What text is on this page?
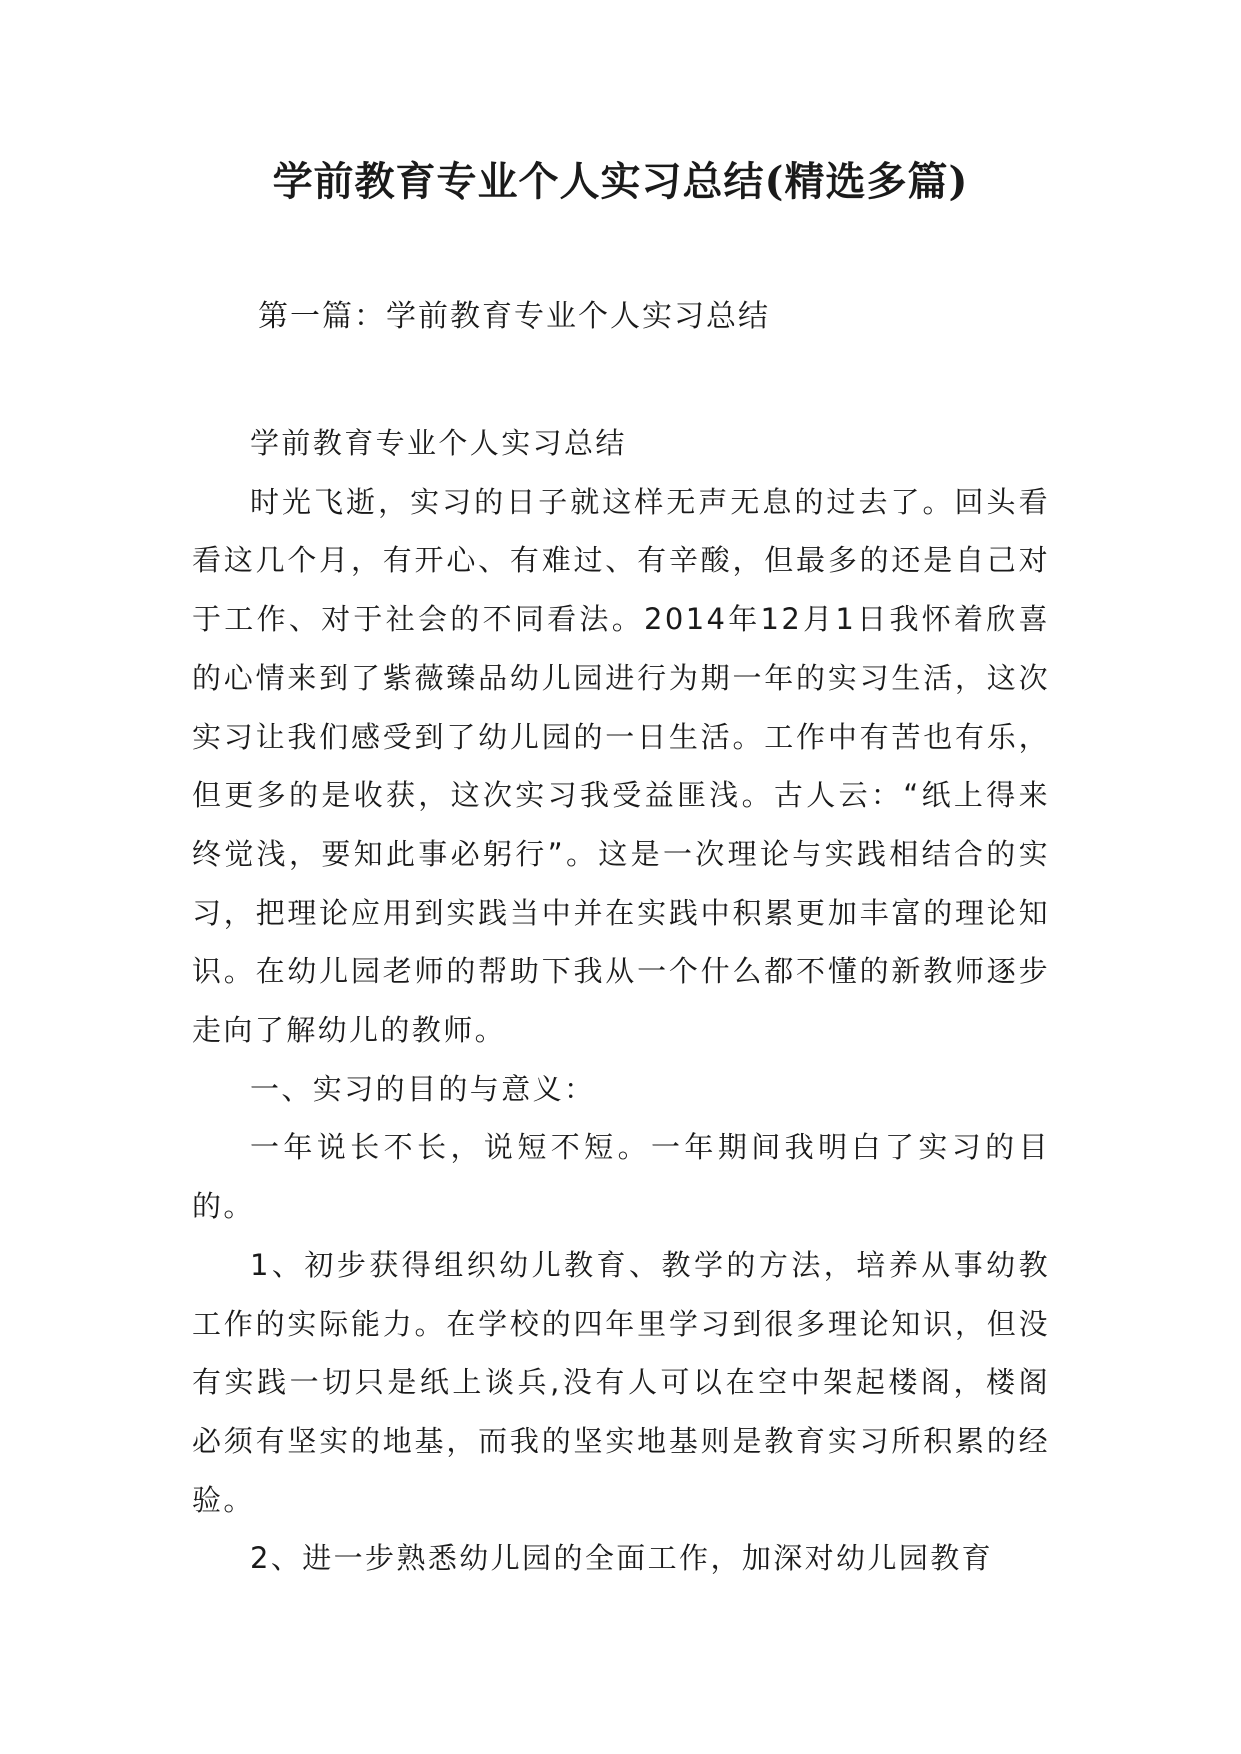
学前教育专业个人实习总结(精选多篇)

第一篇：学前教育专业个人实习总结

学前教育专业个人实习总结

时光飞逝，实习的日子就这样无声无息的过去了。回头看看这几个月，有开心、有难过、有辛酸，但最多的还是自己对于工作、对于社会的不同看法。2014年12月1日我怀着欣喜的心情来到了紫薇臻品幼儿园进行为期一年的实习生活，这次实习让我们感受到了幼儿园的一日生活。工作中有苦也有乐，但更多的是收获，这次实习我受益匪浅。古人云：“纸上得来终觉浅，要知此事必躬行”。这是一次理论与实践相结合的实习，把理论应用到实践当中并在实践中积累更加丰富的理论知识。在幼儿园老师的帮助下我从一个什么都不懂的新教师逐步走向了解幼儿的教师。

一、实习的目的与意义：

一年说长不长，说短不短。一年期间我明白了实习的目的。

1、初步获得组织幼儿教育、教学的方法，培养从事幼教工作的实际能力。在学校的四年里学习到很多理论知识，但没有实践一切只是纸上谈兵,没有人可以在空中架起楼阁，楼阁必须有坚实的地基，而我的坚实地基则是教育实习所积累的经验。

2、进一步熟悉幼儿园的全面工作，加深对幼儿园教育
